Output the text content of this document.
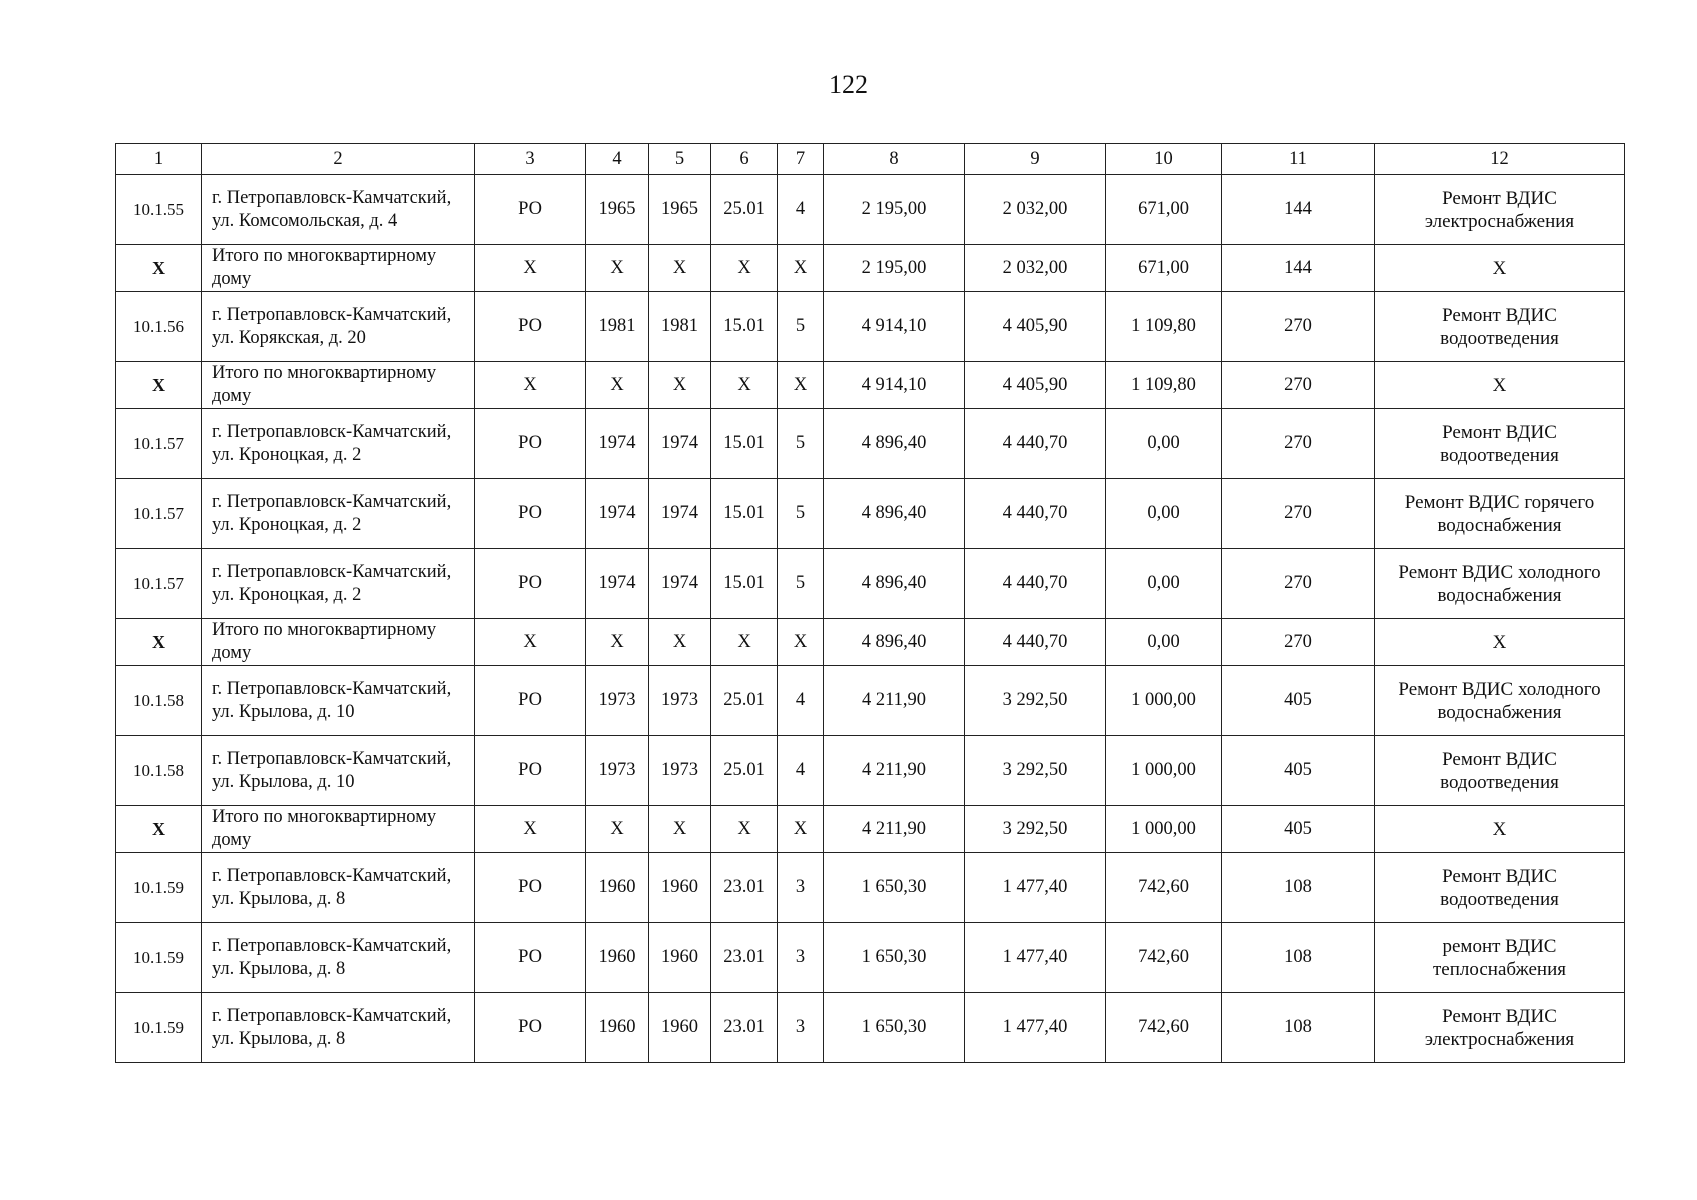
122
1	2	3	4	5	6	7	8	9	10	11	12
10.1.55	г. Петропавловск-Камчатский, ул. Комсомольская, д. 4	РО	1965	1965	25.01	4	2 195,00	2 032,00	671,00	144	Ремонт ВДИС электроснабжения
X	Итого по многоквартирному дому	X	X	X	X	X	2 195,00	2 032,00	671,00	144	X
10.1.56	г. Петропавловск-Камчатский, ул. Корякская, д. 20	РО	1981	1981	15.01	5	4 914,10	4 405,90	1 109,80	270	Ремонт ВДИС водоотведения
X	Итого по многоквартирному дому	X	X	X	X	X	4 914,10	4 405,90	1 109,80	270	X
10.1.57	г. Петропавловск-Камчатский, ул. Кроноцкая, д. 2	РО	1974	1974	15.01	5	4 896,40	4 440,70	0,00	270	Ремонт ВДИС водоотведения
10.1.57	г. Петропавловск-Камчатский, ул. Кроноцкая, д. 2	РО	1974	1974	15.01	5	4 896,40	4 440,70	0,00	270	Ремонт ВДИС горячего водоснабжения
10.1.57	г. Петропавловск-Камчатский, ул. Кроноцкая, д. 2	РО	1974	1974	15.01	5	4 896,40	4 440,70	0,00	270	Ремонт ВДИС холодного водоснабжения
X	Итого по многоквартирному дому	X	X	X	X	X	4 896,40	4 440,70	0,00	270	X
10.1.58	г. Петропавловск-Камчатский, ул. Крылова, д. 10	РО	1973	1973	25.01	4	4 211,90	3 292,50	1 000,00	405	Ремонт ВДИС холодного водоснабжения
10.1.58	г. Петропавловск-Камчатский, ул. Крылова, д. 10	РО	1973	1973	25.01	4	4 211,90	3 292,50	1 000,00	405	Ремонт ВДИС водоотведения
X	Итого по многоквартирному дому	X	X	X	X	X	4 211,90	3 292,50	1 000,00	405	X
10.1.59	г. Петропавловск-Камчатский, ул. Крылова, д. 8	РО	1960	1960	23.01	3	1 650,30	1 477,40	742,60	108	Ремонт ВДИС водоотведения
10.1.59	г. Петропавловск-Камчатский, ул. Крылова, д. 8	РО	1960	1960	23.01	3	1 650,30	1 477,40	742,60	108	ремонт ВДИС теплоснабжения
10.1.59	г. Петропавловск-Камчатский, ул. Крылова, д. 8	РО	1960	1960	23.01	3	1 650,30	1 477,40	742,60	108	Ремонт ВДИС электроснабжения
